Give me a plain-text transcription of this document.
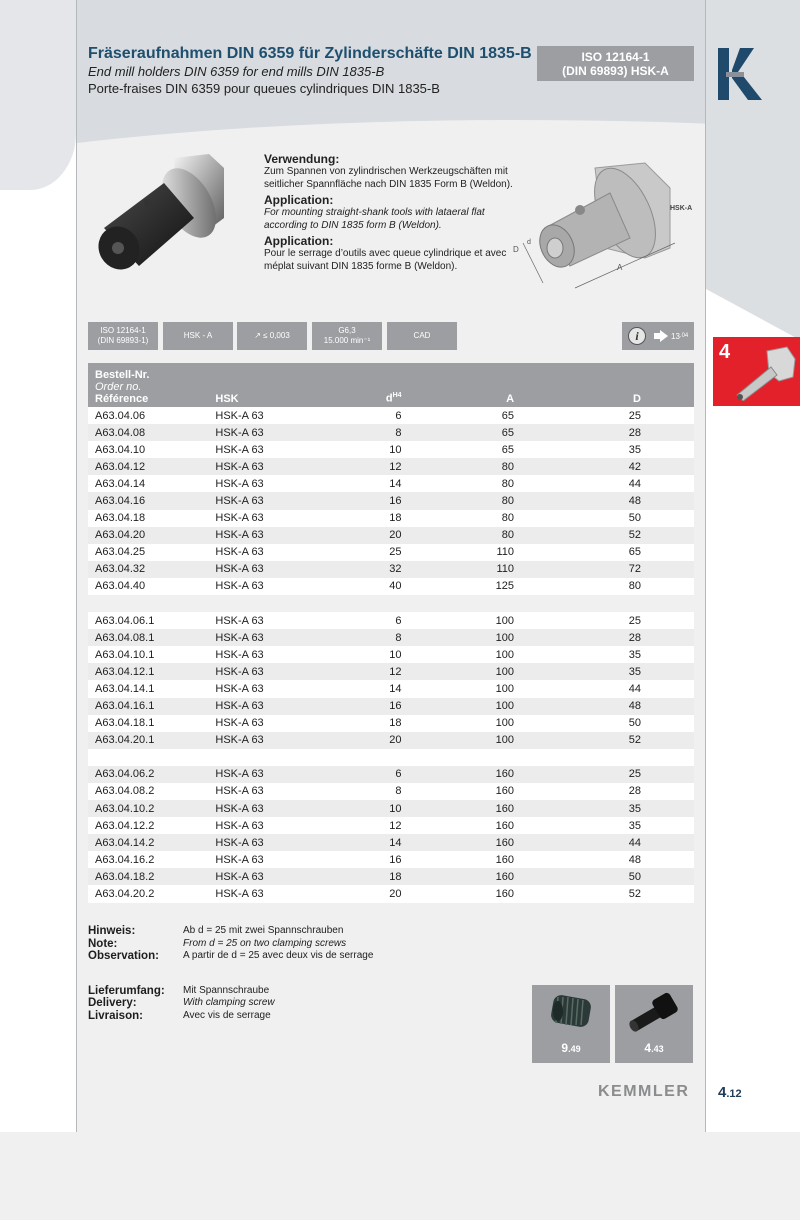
Fräseraufnahmen DIN 6359 für Zylinderschäfte DIN 1835-B
End mill holders DIN 6359 for end mills DIN 1835-B
Porte-fraises DIN 6359 pour queues cylindriques DIN 1835-B
ISO 12164-1
(DIN 69893) HSK-A
Verwendung:
Zum Spannen von zylindrischen Werkzeugschäften mit seitlicher Spannfläche nach DIN 1835 Form B (Weldon).
Application:
For mounting straight-shank tools with lataeral flat according to DIN 1835 form B (Weldon).
Application:
Pour le serrage d’outils avec queue cylindrique et avec méplat suivant DIN 1835 forme B (Weldon).
D
d
A
HSK-A
ISO 12164-1
(DIN 69893-1)
HSK - A	↗ ≤ 0,003
G6,3
15.000 min⁻¹
CAD	i	13 .04
4
Bestell-Nr.
Order no.
Référence	HSK	$d^{H4}$	A	D
A63.04.06	HSK-A 63	6	65	25
A63.04.08	HSK-A 63	8	65	28
A63.04.10	HSK-A 63	10	65	35
A63.04.12	HSK-A 63	12	80	42
A63.04.14	HSK-A 63	14	80	44
A63.04.16	HSK-A 63	16	80	48
A63.04.18	HSK-A 63	18	80	50
A63.04.20	HSK-A 63	20	80	52
A63.04.25	HSK-A 63	25	110	65
A63.04.32	HSK-A 63	32	110	72
A63.04.40	HSK-A 63	40	125	80

A63.04.06.1	HSK-A 63	6	100	25
A63.04.08.1	HSK-A 63	8	100	28
A63.04.10.1	HSK-A 63	10	100	35
A63.04.12.1	HSK-A 63	12	100	35
A63.04.14.1	HSK-A 63	14	100	44
A63.04.16.1	HSK-A 63	16	100	48
A63.04.18.1	HSK-A 63	18	100	50
A63.04.20.1	HSK-A 63	20	100	52

A63.04.06.2	HSK-A 63	6	160	25
A63.04.08.2	HSK-A 63	8	160	28
A63.04.10.2	HSK-A 63	10	160	35
A63.04.12.2	HSK-A 63	12	160	35
A63.04.14.2	HSK-A 63	14	160	44
A63.04.16.2	HSK-A 63	16	160	48
A63.04.18.2	HSK-A 63	18	160	50
A63.04.20.2	HSK-A 63	20	160	52
Hinweis:	Ab d = 25 mit zwei Spannschrauben
Note:	From d = 25 on two clamping screws
Observation:	A partir de d = 25 avec deux vis de serrage
Lieferumfang:	Mit Spannschraube
Delivery:	With clamping screw
Livraison:	Avec vis de serrage
9.49	4.43
KEMMLER 4.12
